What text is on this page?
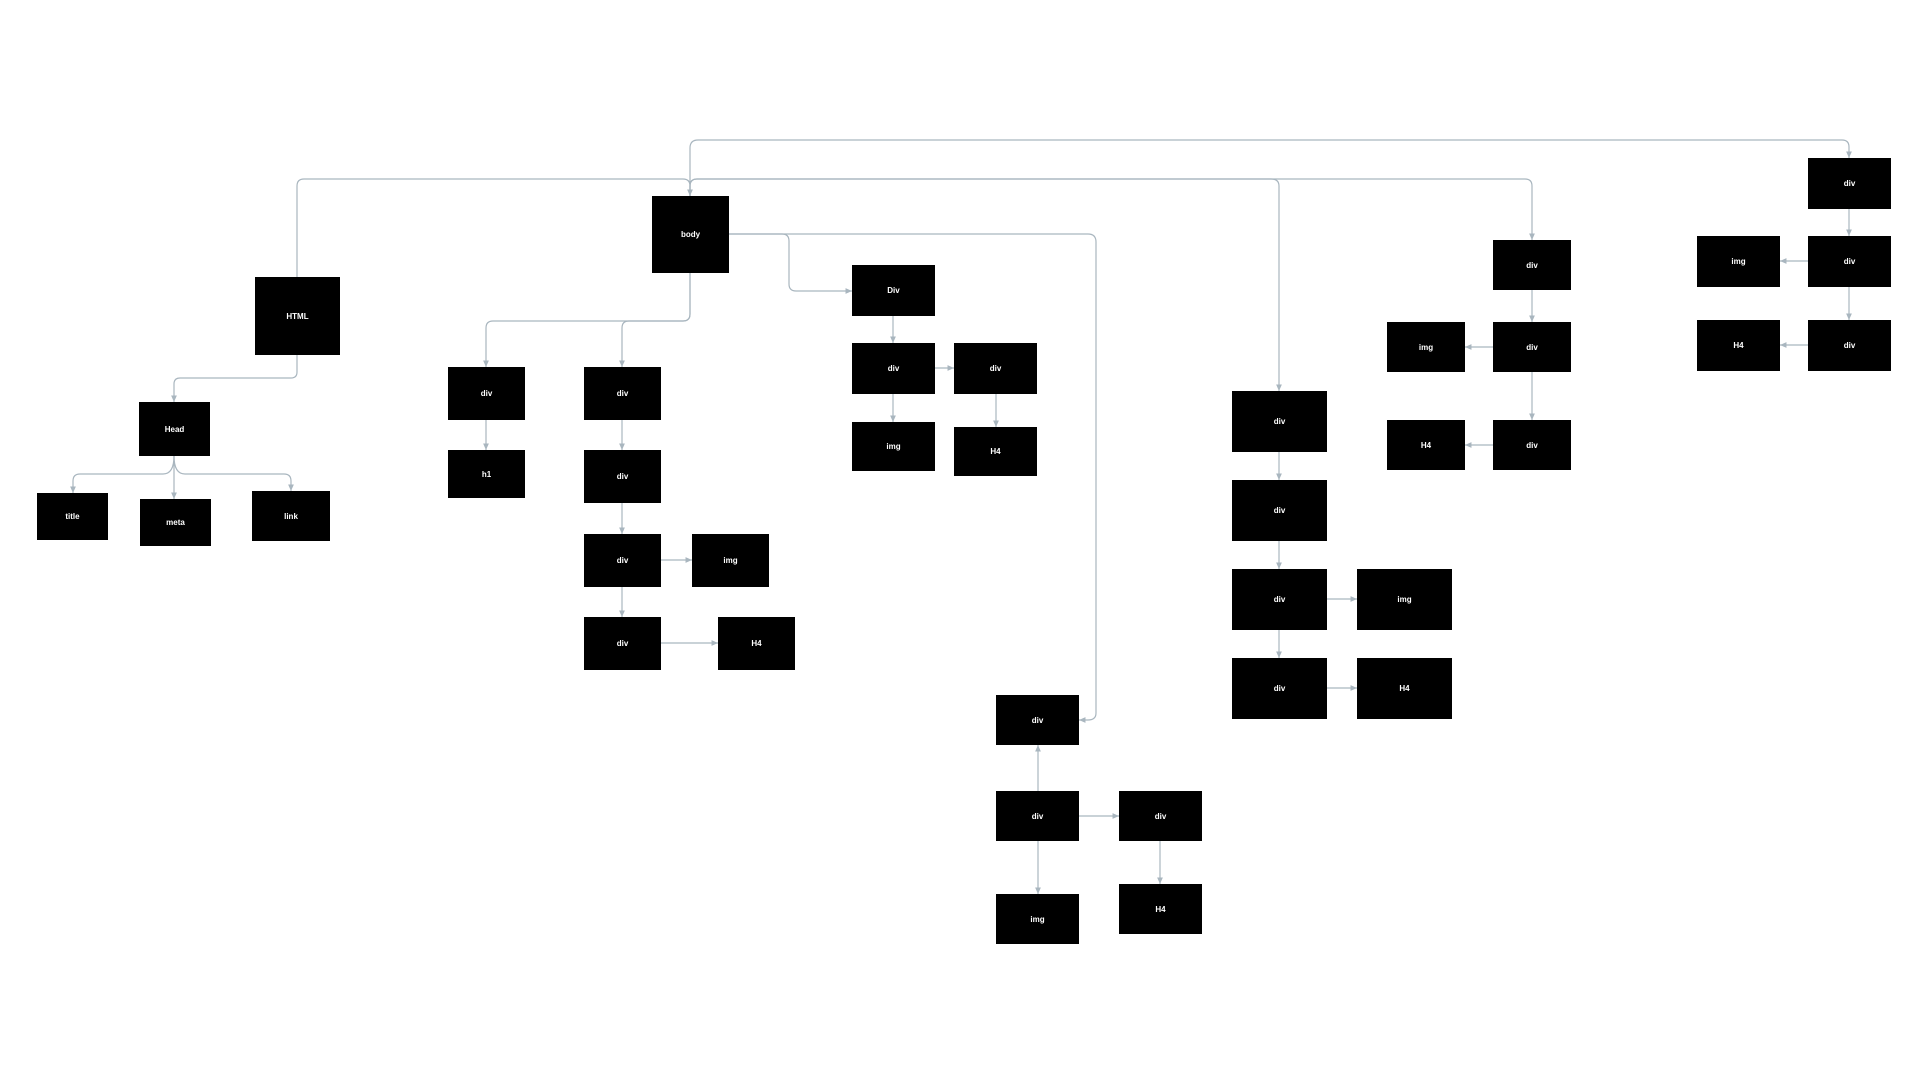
HTML
Head
title
meta
link
body
div
h1
div
div
div	img
div	H4
Div
div	div
img
H4
div
div	div
img
H4
div
div
div
div
img
H4
div
div
img
div
H4
div
div
img
div
H4
